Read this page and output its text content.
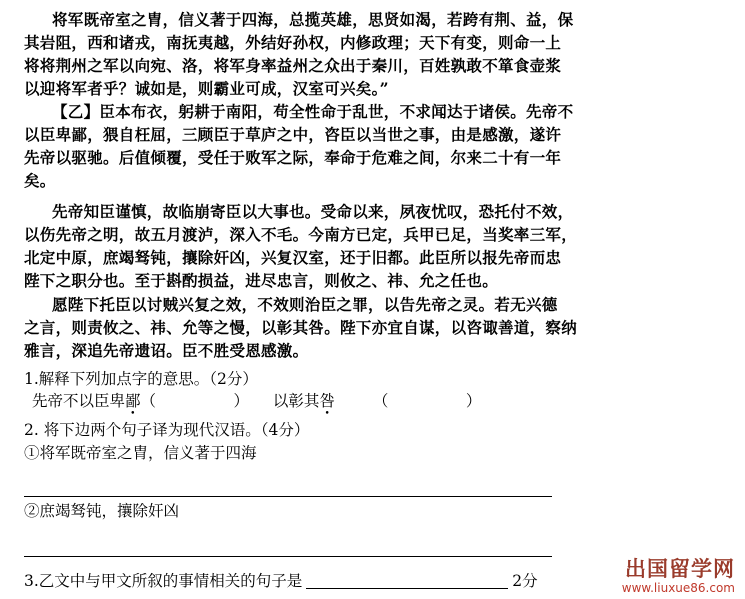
将军既帝室之胄，信义著于四海，总揽英雄，思贤如渴，若跨有荆、益，保
其岩阻，西和诸戎，南抚夷越，外结好孙权，内修政理；天下有变，则命一上
将将荆州之军以向宛、洛，将军身率益州之众出于秦川，百姓孰敢不箪食壶浆
以迎将军者乎？诚如是，则霸业可成，汉室可兴矣。”
【乙】臣本布衣，躬耕于南阳，苟全性命于乱世，不求闻达于诸侯。先帝不
以臣卑鄙，猥自枉屈，三顾臣于草庐之中，咨臣以当世之事，由是感激，遂许
先帝以驱驰。后值倾覆，受任于败军之际，奉命于危难之间，尔来二十有一年
矣。
先帝知臣谨慎，故临崩寄臣以大事也。受命以来，夙夜忧叹，恐托付不效，
以伤先帝之明，故五月渡泸，深入不毛。今南方已定，兵甲已足，当奖率三军，
北定中原，庶竭驽钝，攘除奸凶，兴复汉室，还于旧都。此臣所以报先帝而忠
陛下之职分也。至于斟酌损益，进尽忠言，则攸之、祎、允之任也。
愿陛下托臣以讨贼兴复之效，不效则治臣之罪，以告先帝之灵。若无兴德
之言，则责攸之、祎、允等之慢，以彰其咎。陛下亦宜自谋，以咨诹善道，察纳
雅言，深追先帝遗诏。臣不胜受恩感激。
1.解释下列加点字的意思。（2分）
先帝不以臣卑鄙（　　　　　） 以彰其咎 （　　　　　）
2. 将下边两个句子译为现代汉语。（4分）
①将军既帝室之胄，信义著于四海
②庶竭驽钝，攘除奸凶
3.乙文中与甲文所叙的事情相关的句子是	2分	出国留学网
www.liuxue86.com
